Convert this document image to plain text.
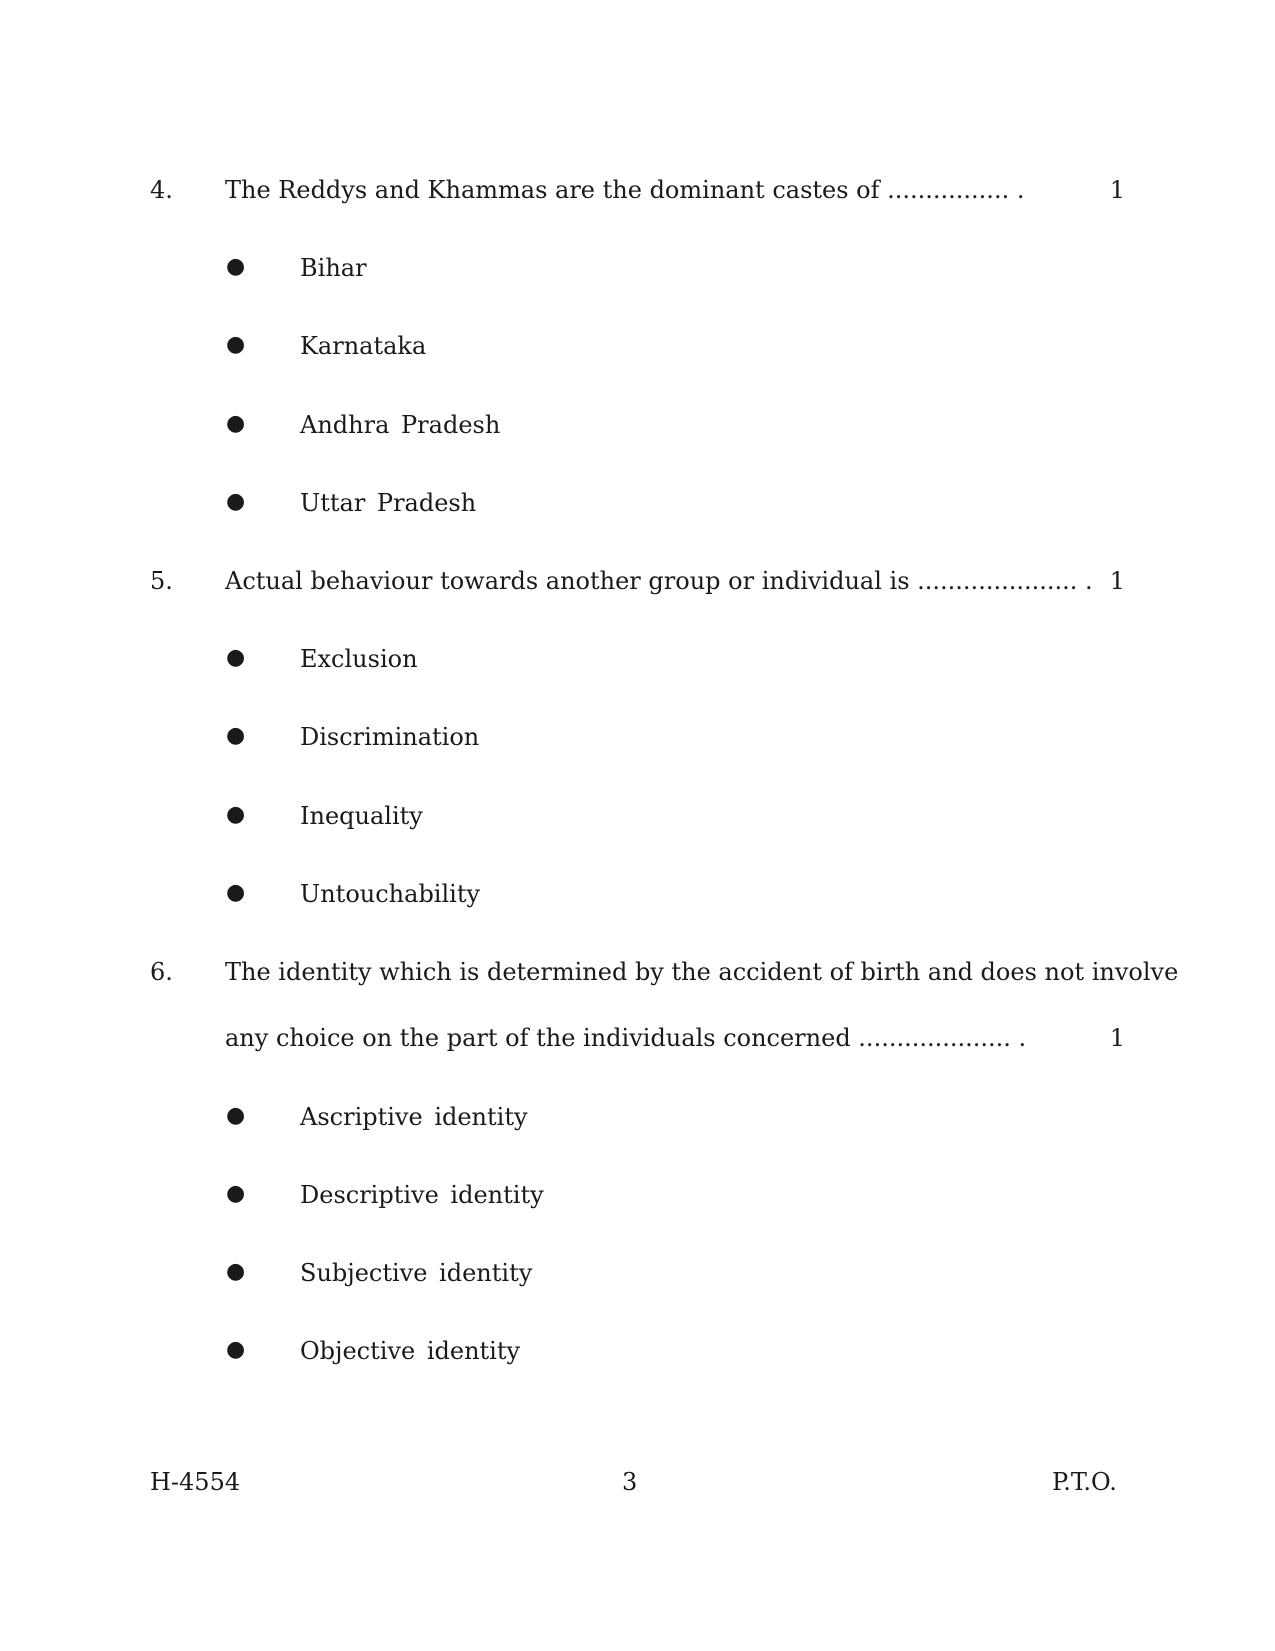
4. The Reddys and Khammas are the dominant castes of ................ .	1
● Bihar
● Karnataka
● Andhra Pradesh
● Uttar Pradesh
5. Actual behaviour towards another group or individual is ..................... . 1
● Exclusion
● Discrimination
● Inequality
● Untouchability
6. The identity which is determined by the accident of birth and does not involve
any choice on the part of the individuals concerned .................... .	1
● Ascriptive identity
● Descriptive identity
● Subjective identity
● Objective identity
H-4554	3	P.T.O.
